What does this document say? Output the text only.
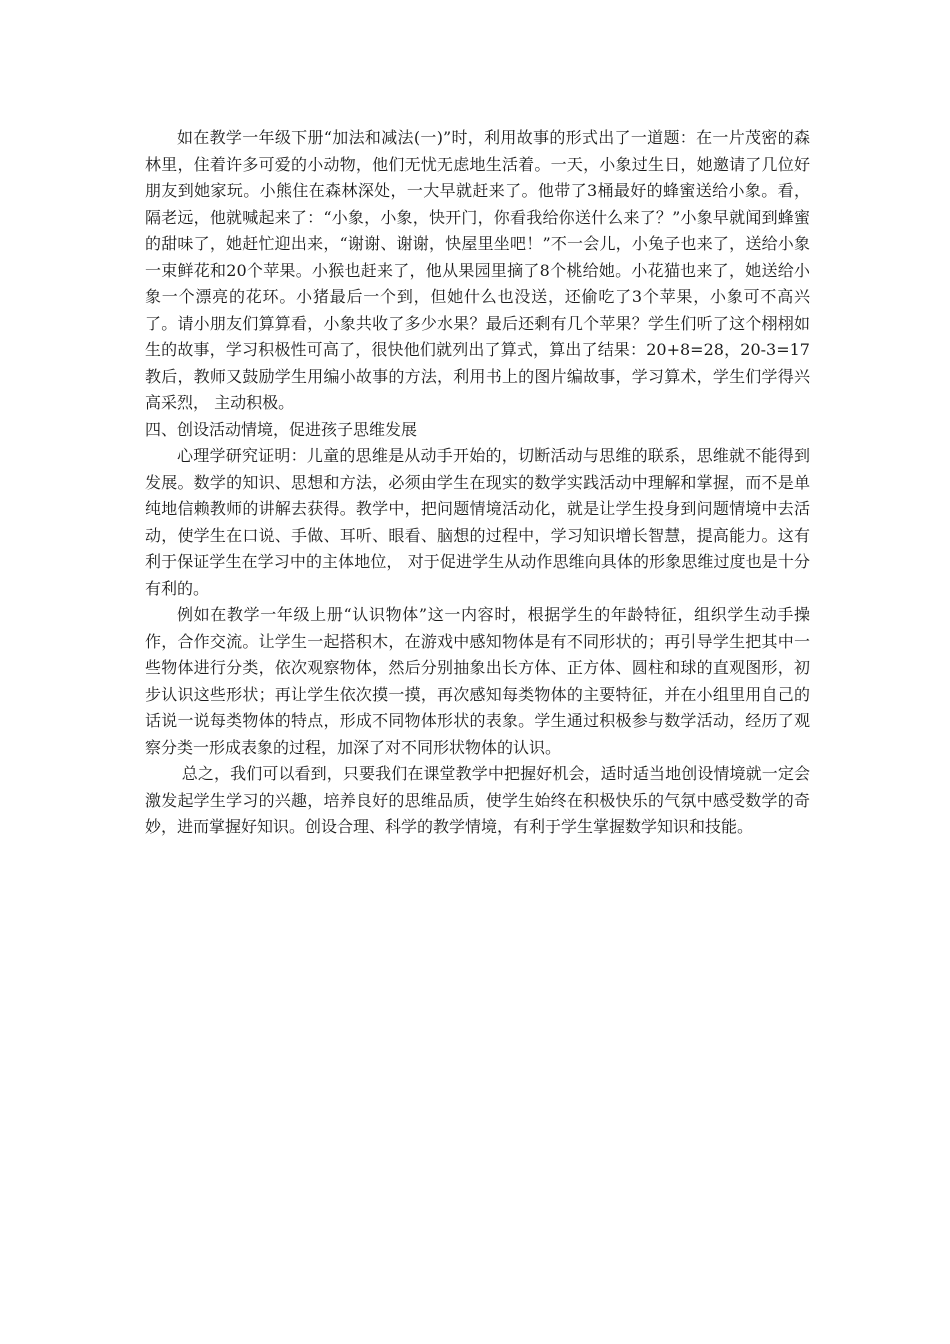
如在教学一年级下册“加法和减法(一)”时，利用故事的形式出了一道题：在一片茂密的森林里，住着许多可爱的小动物，他们无忧无虑地生活着。一天，小象过生日，她邀请了几位好朋友到她家玩。小熊住在森林深处，一大早就赶来了。他带了3桶最好的蜂蜜送给小象。看，隔老远，他就喊起来了：“小象，小象，快开门，你看我给你送什么来了？”小象早就闻到蜂蜜的甜味了，她赶忙迎出来，“谢谢、谢谢，快屋里坐吧！”不一会儿，小兔子也来了，送给小象一束鲜花和20个苹果。小猴也赶来了，他从果园里摘了8个桃给她。小花猫也来了，她送给小象一个漂亮的花环。小猪最后一个到，但她什么也没送，还偷吃了3个苹果，小象可不高兴了。请小朋友们算算看，小象共收了多少水果？最后还剩有几个苹果？学生们听了这个栩栩如生的故事，学习积极性可高了，很快他们就列出了算式，算出了结果：20+8=28，20-3=17教后，教师又鼓励学生用编小故事的方法，利用书上的图片编故事，学习算术，学生们学得兴高采烈， 主动积极。

四、创设活动情境，促进孩子思维发展

心理学研究证明：儿童的思维是从动手开始的，切断活动与思维的联系，思维就不能得到发展。数学的知识、思想和方法，必须由学生在现实的数学实践活动中理解和掌握，而不是单纯地信赖教师的讲解去获得。教学中，把问题情境活动化，就是让学生投身到问题情境中去活动，使学生在口说、手做、耳听、眼看、脑想的过程中，学习知识增长智慧，提高能力。这有利于保证学生在学习中的主体地位， 对于促进学生从动作思维向具体的形象思维过度也是十分有利的。

例如在教学一年级上册“认识物体”这一内容时，根据学生的年龄特征，组织学生动手操作，合作交流。让学生一起搭积木，在游戏中感知物体是有不同形状的；再引导学生把其中一些物体进行分类，依次观察物体，然后分别抽象出长方体、正方体、圆柱和球的直观图形，初步认识这些形状；再让学生依次摸一摸，再次感知每类物体的主要特征，并在小组里用自己的话说一说每类物体的特点，形成不同物体形状的表象。学生通过积极参与数学活动，经历了观察分类一形成表象的过程，加深了对不同形状物体的认识。

总之，我们可以看到，只要我们在课堂教学中把握好机会，适时适当地创设情境就一定会激发起学生学习的兴趣，培养良好的思维品质，使学生始终在积极快乐的气氛中感受数学的奇妙，进而掌握好知识。创设合理、科学的教学情境，有利于学生掌握数学知识和技能。
